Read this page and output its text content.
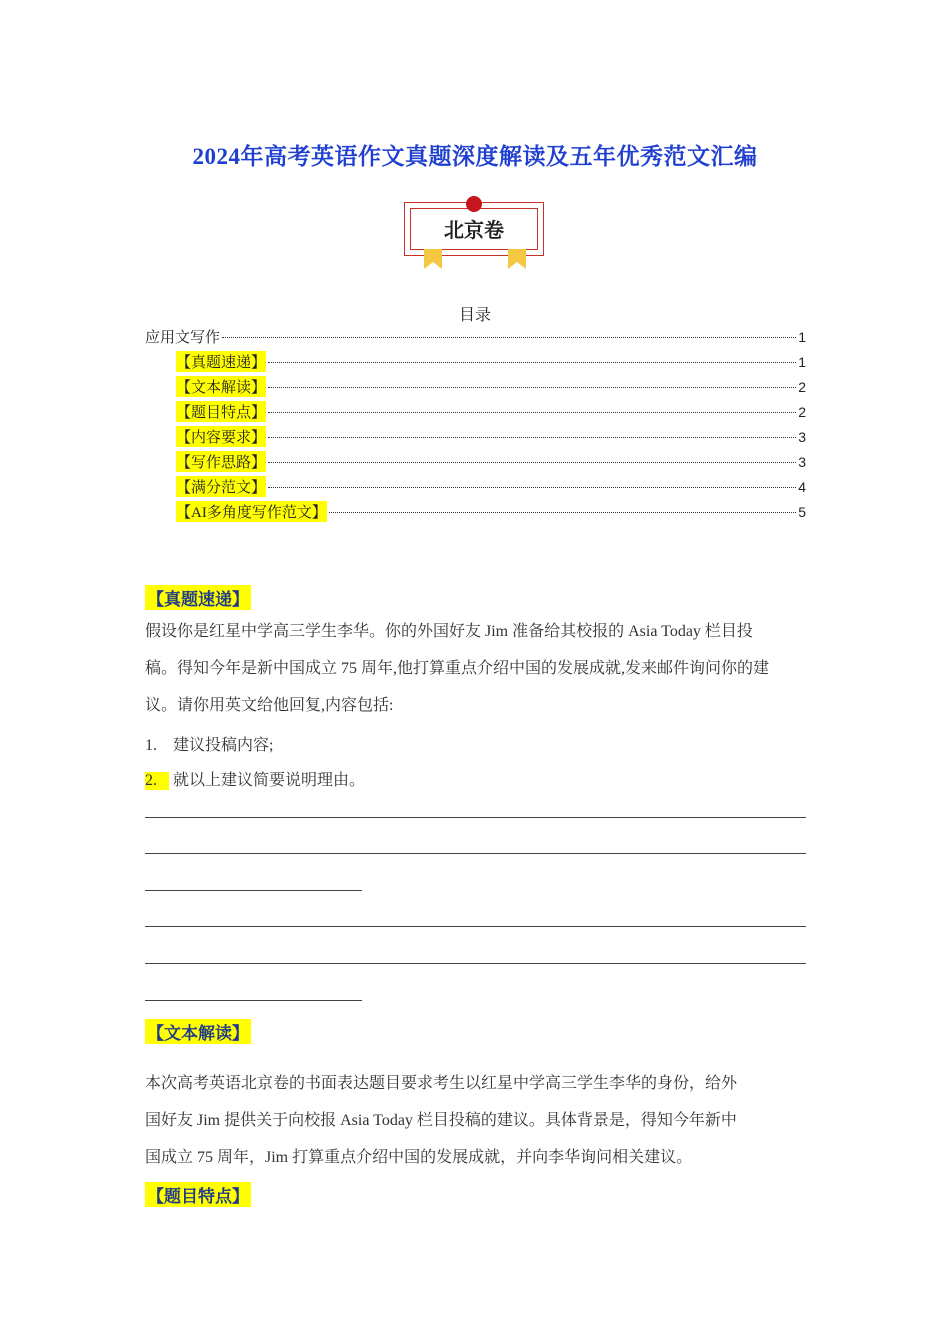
2024年高考英语作文真题深度解读及五年优秀范文汇编
北京卷
目录
应用文写作	1
【真题速递】	1
【文本解读】	2
【题目特点】	2
【内容要求】	3
【写作思路】	3
【满分范文】	4
【AI多角度写作范文】	5
【真题速递】
假设你是红星中学高三学生李华。你的外国好友 Jim 准备给其校报的 Asia Today 栏目投
稿。得知今年是新中国成立 75 周年,他打算重点介绍中国的发展成就,发来邮件询问你的建
议。请你用英文给他回复,内容包括:
1. 建议投稿内容;
2. 就以上建议简要说明理由。
【文本解读】
本次高考英语北京卷的书面表达题目要求考生以红星中学高三学生李华的身份，给外
国好友 Jim 提供关于向校报 Asia Today 栏目投稿的建议。具体背景是，得知今年新中
国成立 75 周年，Jim 打算重点介绍中国的发展成就，并向李华询问相关建议。
【题目特点】
